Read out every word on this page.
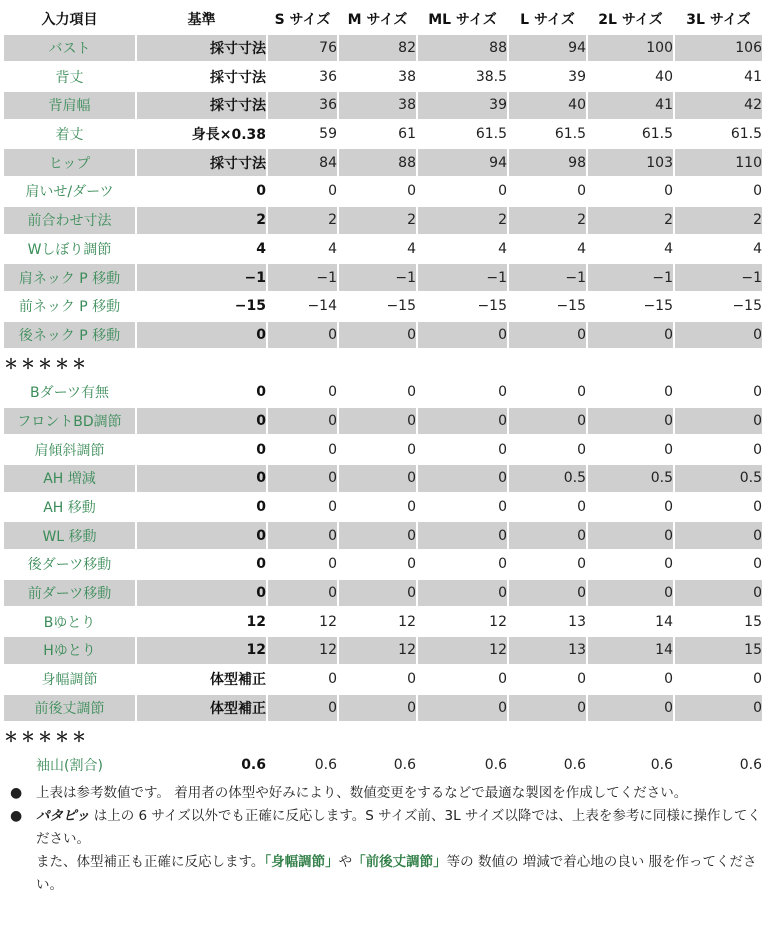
入力項目	基準	S サイズ	M サイズ	ML サイズ	L サイズ	2L サイズ	3L サイズ
バスト	採寸寸法	76	82	88	94	100	106
背丈	採寸寸法	36	38	38.5	39	40	41
背肩幅	採寸寸法	36	38	39	40	41	42
着丈	身長×0.38	59	61	61.5	61.5	61.5	61.5
ヒップ	採寸寸法	84	88	94	98	103	110
肩いせ/ダーツ	0	0	0	0	0	0	0
前合わせ寸法	2	2	2	2	2	2	2
Wしぼり調節	4	4	4	4	4	4	4
肩ネック P 移動	−1	−1	−1	−1	−1	−1	−1
前ネック P 移動	−15	−14	−15	−15	−15	−15	−15
後ネック P 移動	0	0	0	0	0	0	0
＊＊＊＊＊							
Bダーツ有無	0	0	0	0	0	0	0
フロントBD調節	0	0	0	0	0	0	0
肩傾斜調節	0	0	0	0	0	0	0
AH 増減	0	0	0	0	0.5	0.5	0.5
AH 移動	0	0	0	0	0	0	0
WL 移動	0	0	0	0	0	0	0
後ダーツ移動	0	0	0	0	0	0	0
前ダーツ移動	0	0	0	0	0	0	0
Bゆとり	12	12	12	12	13	14	15
Hゆとり	12	12	12	12	13	14	15
身幅調節	体型補正	0	0	0	0	0	0
前後丈調節	体型補正	0	0	0	0	0	0
＊＊＊＊＊							
袖山(割合)	0.6	0.6	0.6	0.6	0.6	0.6	0.6
● 上表は参考数値です。 着用者の体型や好みにより、数値変更をするなどで最適な製図を作成してください。
● パタピッ は上の 6 サイズ以外でも正確に反応します。S サイズ前、3L サイズ以降では、上表を参考に同様に操作してください。
また、体型補正も正確に反応します。「身幅調節」や「前後丈調節」等の 数値の 増減で着心地の良い 服を作ってください。
